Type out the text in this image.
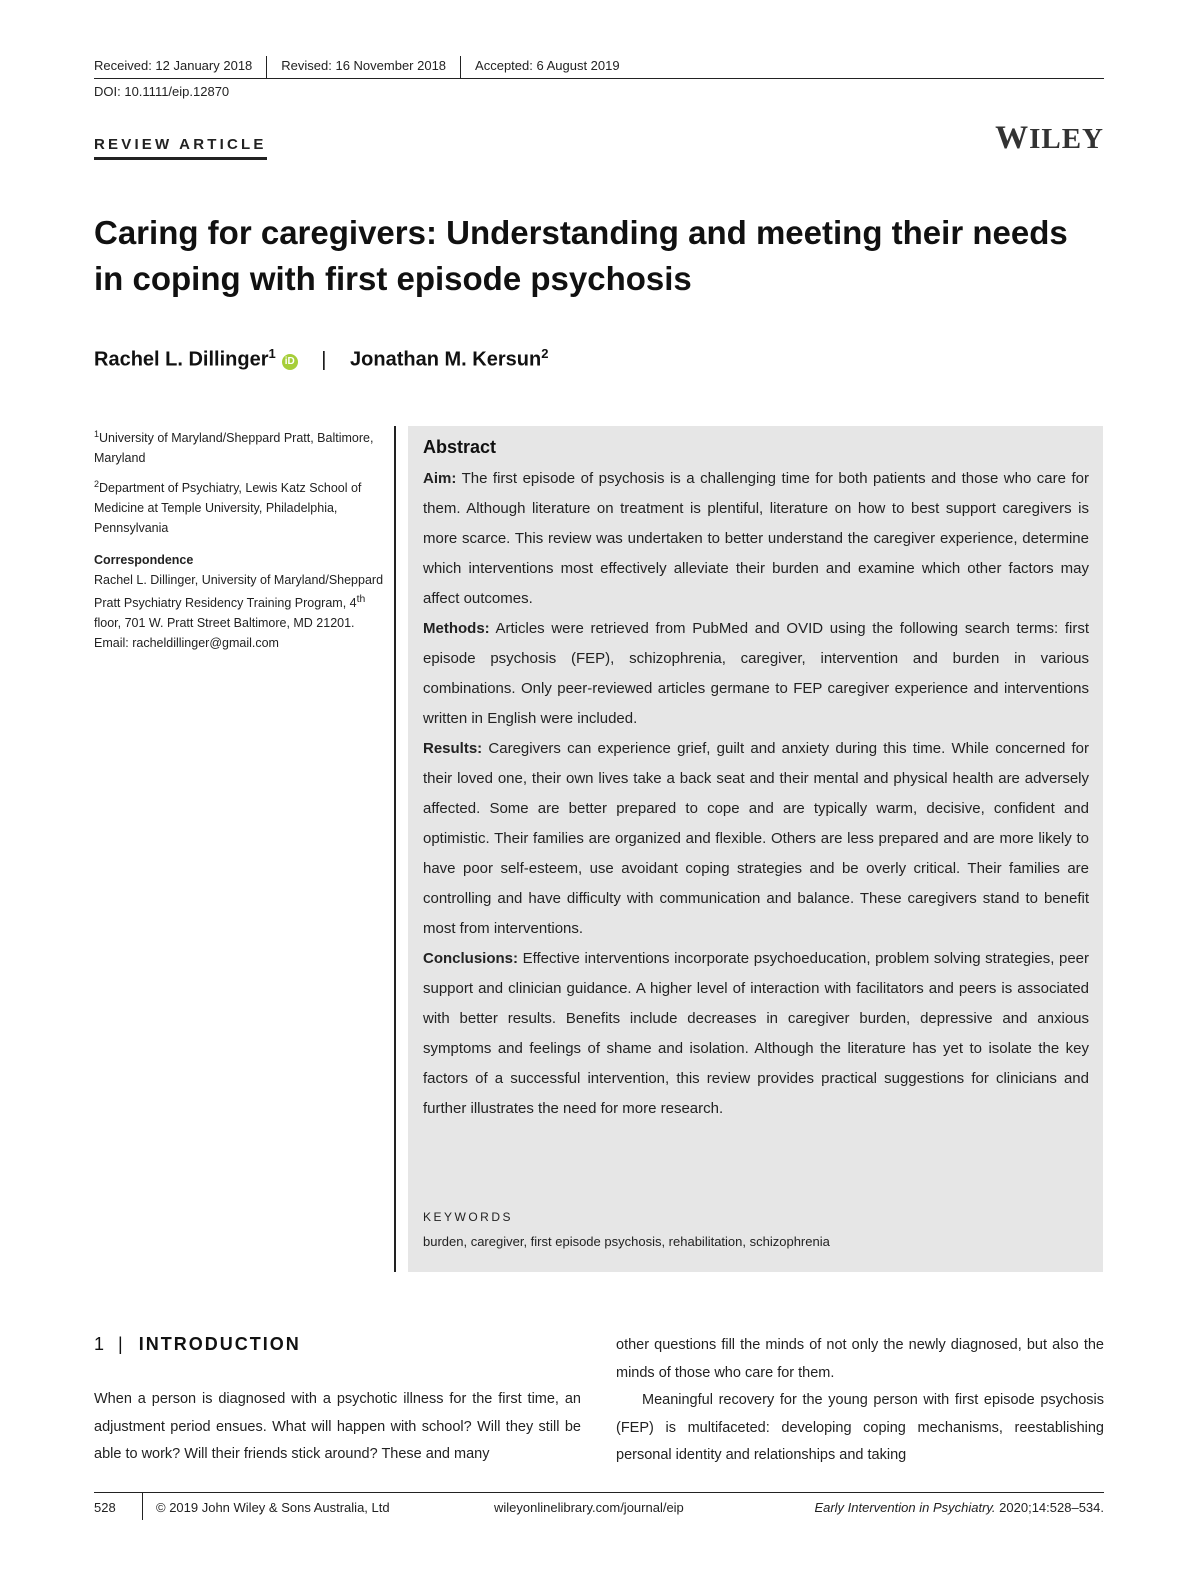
Received: 12 January 2018 Revised: 16 November 2018 Accepted: 6 August 2019
DOI: 10.1111/eip.12870
REVIEW ARTICLE	WILEY
Caring for caregivers: Understanding and meeting their needs in coping with first episode psychosis
Rachel L. Dillinger$^1$iD | Jonathan M. Kersun$^2$

$^1$University of Maryland/Sheppard Pratt, Baltimore, Maryland

$^2$Department of Psychiatry, Lewis Katz School of Medicine at Temple University, Philadelphia, Pennsylvania

Correspondence
Rachel L. Dillinger, University of Maryland/Sheppard Pratt Psychiatry Residency Training Program, 4th floor, 701 W. Pratt Street Baltimore, MD 21201.
Email: racheldillinger@gmail.com
Abstract

Aim: The first episode of psychosis is a challenging time for both patients and those who care for them. Although literature on treatment is plentiful, literature on how to best support caregivers is more scarce. This review was undertaken to better understand the caregiver experience, determine which interventions most effectively alleviate their burden and examine which other factors may affect outcomes.

Methods: Articles were retrieved from PubMed and OVID using the following search terms: first episode psychosis (FEP), schizophrenia, caregiver, intervention and burden in various combinations. Only peer-reviewed articles germane to FEP caregiver experience and interventions written in English were included.

Results: Caregivers can experience grief, guilt and anxiety during this time. While concerned for their loved one, their own lives take a back seat and their mental and physical health are adversely affected. Some are better prepared to cope and are typically warm, decisive, confident and optimistic. Their families are organized and flexible. Others are less prepared and are more likely to have poor self-esteem, use avoidant coping strategies and be overly critical. Their families are controlling and have difficulty with communication and balance. These caregivers stand to benefit most from interventions.

Conclusions: Effective interventions incorporate psychoeducation, problem solving strategies, peer support and clinician guidance. A higher level of interaction with facilitators and peers is associated with better results. Benefits include decreases in caregiver burden, depressive and anxious symptoms and feelings of shame and isolation. Although the literature has yet to isolate the key factors of a successful intervention, this review provides practical suggestions for clinicians and further illustrates the need for more research.

KEYWORDS
burden, caregiver, first episode psychosis, rehabilitation, schizophrenia
1 | INTRODUCTION
When a person is diagnosed with a psychotic illness for the first time, an adjustment period ensues. What will happen with school? Will they still be able to work? Will their friends stick around? These and many

other questions fill the minds of not only the newly diagnosed, but also the minds of those who care for them.

Meaningful recovery for the young person with first episode psychosis (FEP) is multifaceted: developing coping mechanisms, reestablishing personal identity and relationships and taking

528	© 2019 John Wiley & Sons Australia, Ltd	wileyonlinelibrary.com/journal/eip	Early Intervention in Psychiatry. 2020;14:528–534.
